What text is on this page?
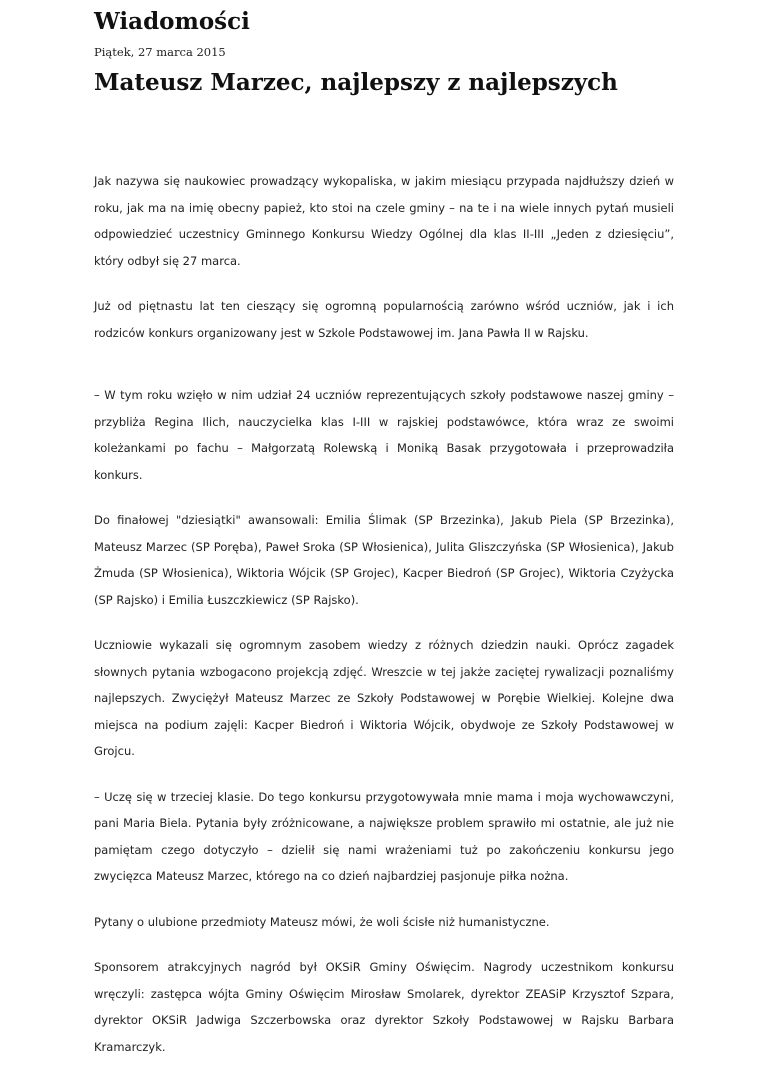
Wiadomości
Piątek, 27 marca 2015
Mateusz Marzec, najlepszy z najlepszych

Jak nazywa się naukowiec prowadzący wykopaliska, w jakim miesiącu przypada najdłuższy dzień w roku, jak ma na imię obecny papież, kto stoi na czele gminy – na te i na wiele innych pytań musieli odpowiedzieć uczestnicy Gminnego Konkursu Wiedzy Ogólnej dla klas II-III „Jeden z dziesięciu”, który odbył się 27 marca.

Już od piętnastu lat ten cieszący się ogromną popularnością zarówno wśród uczniów, jak i ich rodziców konkurs organizowany jest w Szkole Podstawowej im. Jana Pawła II w Rajsku.

– W tym roku wzięło w nim udział 24 uczniów reprezentujących szkoły podstawowe naszej gminy – przybliża Regina Ilich, nauczycielka klas I-III w rajskiej podstawówce, która wraz ze swoimi koleżankami po fachu – Małgorzatą Rolewską i Moniką Basak przygotowała i przeprowadziła konkurs.

Do finałowej "dziesiątki" awansowali: Emilia Ślimak (SP Brzezinka), Jakub Piela (SP Brzezinka), Mateusz Marzec (SP Poręba), Paweł Sroka (SP Włosienica), Julita Gliszczyńska (SP Włosienica), Jakub Żmuda (SP Włosienica), Wiktoria Wójcik (SP Grojec), Kacper Biedroń (SP Grojec), Wiktoria Czyżycka (SP Rajsko) i Emilia Łuszczkiewicz (SP Rajsko).

Uczniowie wykazali się ogromnym zasobem wiedzy z różnych dziedzin nauki. Oprócz zagadek słownych pytania wzbogacono projekcją zdjęć. Wreszcie w tej jakże zaciętej rywalizacji poznaliśmy najlepszych. Zwyciężył Mateusz Marzec ze Szkoły Podstawowej w Porębie Wielkiej. Kolejne dwa miejsca na podium zajęli: Kacper Biedroń i Wiktoria Wójcik, obydwoje ze Szkoły Podstawowej w Grojcu.

– Uczę się w trzeciej klasie. Do tego konkursu przygotowywała mnie mama i moja wychowawczyni, pani Maria Biela. Pytania były zróżnicowane, a największe problem sprawiło mi ostatnie, ale już nie pamiętam czego dotyczyło – dzielił się nami wrażeniami tuż po zakończeniu konkursu jego zwycięzca Mateusz Marzec, którego na co dzień najbardziej pasjonuje piłka nożna.

Pytany o ulubione przedmioty Mateusz mówi, że woli ścisłe niż humanistyczne.

Sponsorem atrakcyjnych nagród był OKSiR Gminy Oświęcim. Nagrody uczestnikom konkursu wręczyli: zastępca wójta Gminy Oświęcim Mirosław Smolarek, dyrektor ZEASiP Krzysztof Szpara, dyrektor OKSiR Jadwiga Szczerbowska oraz dyrektor Szkoły Podstawowej w Rajsku Barbara Kramarczyk.
